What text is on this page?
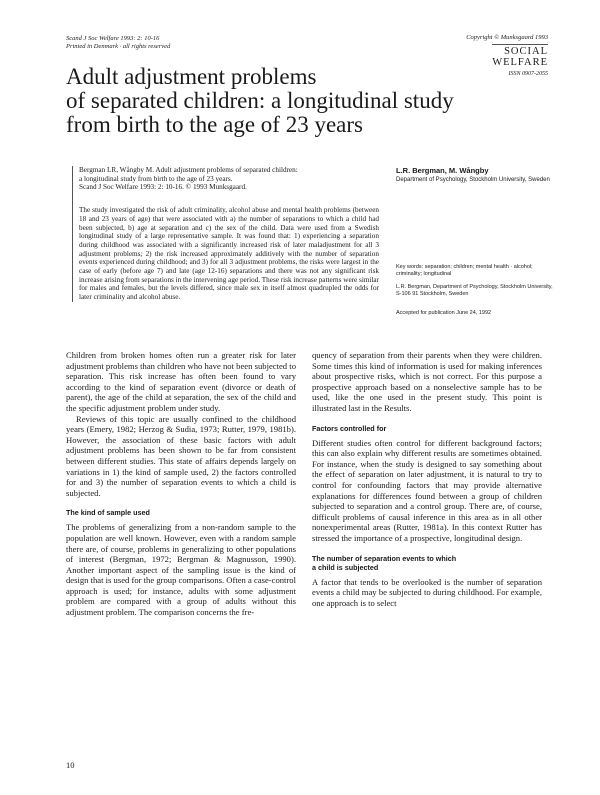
Scand J Soc Welfare 1993: 2: 10-16
Printed in Denmark · all rights reserved
Copyright © Munksgaard 1993
SOCIAL
WELFARE
ISSN 0907-2055
Adult adjustment problems
of separated children: a longitudinal study
from birth to the age of 23 years

Bergman LR, Wångby M. Adult adjustment problems of separated children:

a longitudinal study from birth to the age of 23 years.

Scand J Soc Welfare 1993: 2: 10-16. © 1993 Munksgaard.

The study investigated the risk of adult criminality, alcohol abuse and mental health problems (between 18 and 23 years of age) that were associated with a) the number of separations to which a child had been subjected, b) age at separation and c) the sex of the child. Data were used from a Swedish longitudinal study of a large representative sample. It was found that: 1) experiencing a separation during childhood was associated with a significantly increased risk of later maladjustment for all 3 adjustment problems; 2) the risk increased approximately additively with the number of separation events experienced during childhood; and 3) for all 3 adjustment problems, the risks were largest in the case of early (before age 7) and late (age 12-16) separations and there was not any significant risk increase arising from separations in the intervening age period. These risk increase patterns were similar for males and females, but the levels differed, since male sex in itself almost quadrupled the odds for later criminality and alcohol abuse.

L.R. Bergman, M. Wångby
Department of Psychology, Stockholm University, Sweden
Key words: separation; children; mental health · alcohol; criminality; longitudinal
L.R. Bergman, Department of Psychology, Stockholm University, S-106 91 Stockholm, Sweden
Accepted for publication June 24, 1992

Children from broken homes often run a greater risk for later adjustment problems than children who have not been subjected to separation. This risk increase has often been found to vary according to the kind of separation event (divorce or death of parent), the age of the child at separation, the sex of the child and the specific adjustment problem under study.

Reviews of this topic are usually confined to the childhood years (Emery, 1982; Herzog & Sudia, 1973; Rutter, 1979, 1981b). However, the association of these basic factors with adult adjustment problems has been shown to be far from consistent between different studies. This state of affairs depends largely on variations in 1) the kind of sample used, 2) the factors controlled for and 3) the number of separation events to which a child is subjected.

The kind of sample used

The problems of generalizing from a non-random sample to the population are well known. However, even with a random sample there are, of course, problems in generalizing to other populations of interest (Bergman, 1972; Bergman & Magnusson, 1990). Another important aspect of the sampling issue is the kind of design that is used for the group comparisons. Often a case-control approach is used; for instance, adults with some adjustment problem are compared with a group of adults without this adjustment problem. The comparison concerns the fre-

quency of separation from their parents when they were children. Some times this kind of information is used for making inferences about prospective risks, which is not correct. For this purpose a prospective approach based on a nonselective sample has to be used, like the one used in the present study. This point is illustrated last in the Results.

Factors controlled for

Different studies often control for different background factors; this can also explain why different results are sometimes obtained. For instance, when the study is designed to say something about the effect of separation on later adjustment, it is natural to try to control for confounding factors that may provide alternative explanations for differences found between a group of children subjected to separation and a control group. There are, of course, difficult problems of causal inference in this area as in all other nonexperimental areas (Rutter, 1981a). In this context Rutter has stressed the importance of a prospective, longitudinal design.

The number of separation events to which
a child is subjected

A factor that tends to be overlooked is the number of separation events a child may be subjected to during childhood. For example, one approach is to select

10
